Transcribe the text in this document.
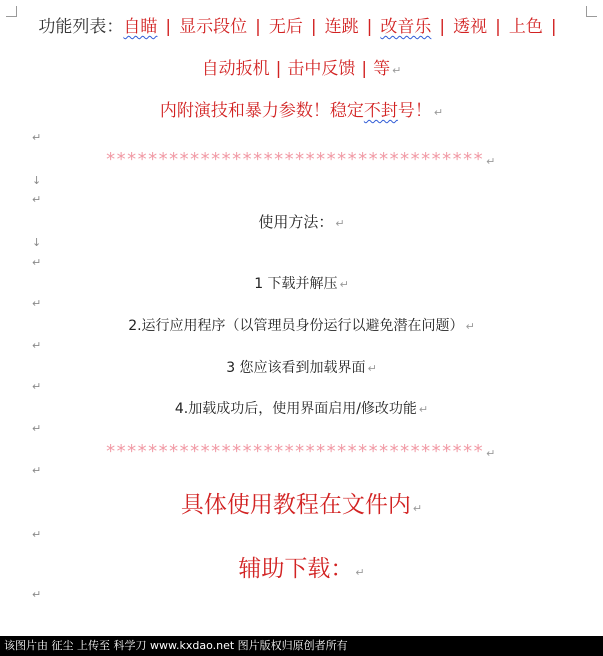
功能列表：自瞄 | 显示段位 | 无后 | 连跳 | 改音乐 | 透视 | 上色 |
自动扳机 | 击中反馈 | 等 ↵
内附演技和暴力参数！稳定不封号！ ↵
↵
************************************ ↵
↓
↵
使用方法： ↵
↓
↵
1 下载并解压 ↵
↵
2.运行应用程序（以管理员身份运行以避免潜在问题） ↵
↵
3 您应该看到加载界面 ↵
↵
4.加载成功后，使用界面启用/修改功能 ↵
↵
************************************ ↵
↵
具体使用教程在文件内 ↵
↵
辅助下载： ↵
↵
该图片由 征尘 上传至 科学刀 www.kxdao.net 图片版权归原创者所有
